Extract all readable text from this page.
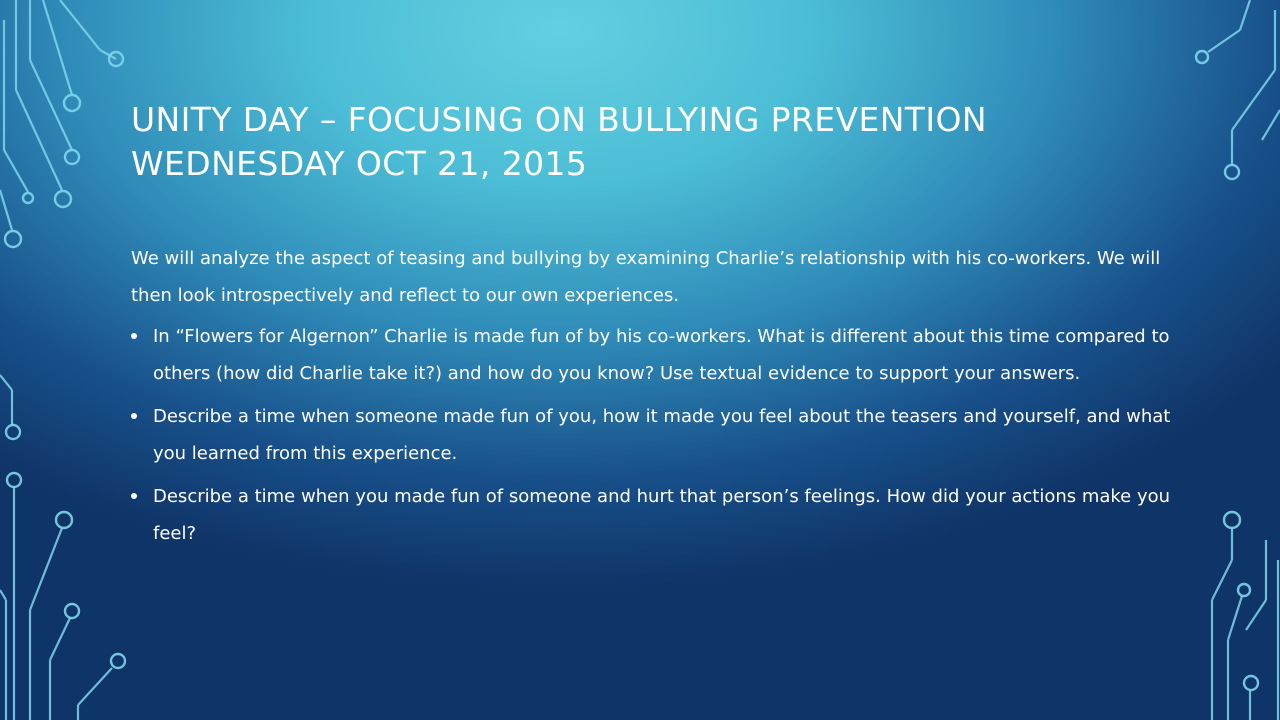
UNITY DAY – FOCUSING ON BULLYING PREVENTION
WEDNESDAY OCT 21, 2015

We will analyze the aspect of teasing and bullying by examining Charlie’s relationship with his co-workers. We will then look introspectively and reflect to our own experiences.

In “Flowers for Algernon” Charlie is made fun of by his co-workers. What is different about this time compared to others (how did Charlie take it?) and how do you know? Use textual evidence to support your answers.
Describe a time when someone made fun of you, how it made you feel about the teasers and yourself, and what you learned from this experience.
Describe a time when you made fun of someone and hurt that person’s feelings. How did your actions make you feel?
